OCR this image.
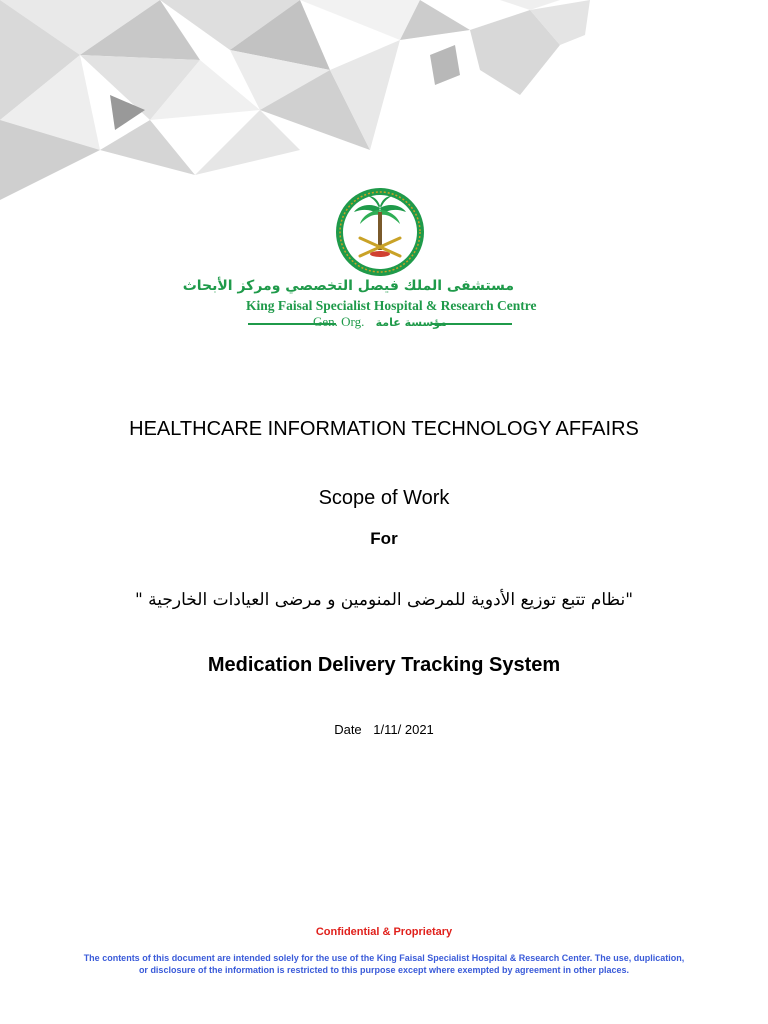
مستشفى الملك فيصل التخصصي ومركز الأبحاث
King Faisal Specialist Hospital & Research Centre
Gen. Org. مؤسسة عامة
HEALTHCARE INFORMATION TECHNOLOGY AFFAIRS
Scope of Work
For
"نظام تتبع توزيع الأدوية للمرضى المنومين و مرضى العيادات الخارجية "
Medication Delivery Tracking System
Date 1/11/ 2021
Confidential & Proprietary
The contents of this document are intended solely for the use of the King Faisal Specialist Hospital & Research Center. The use, duplication,
or disclosure of the information is restricted to this purpose except where exempted by agreement in other places.
